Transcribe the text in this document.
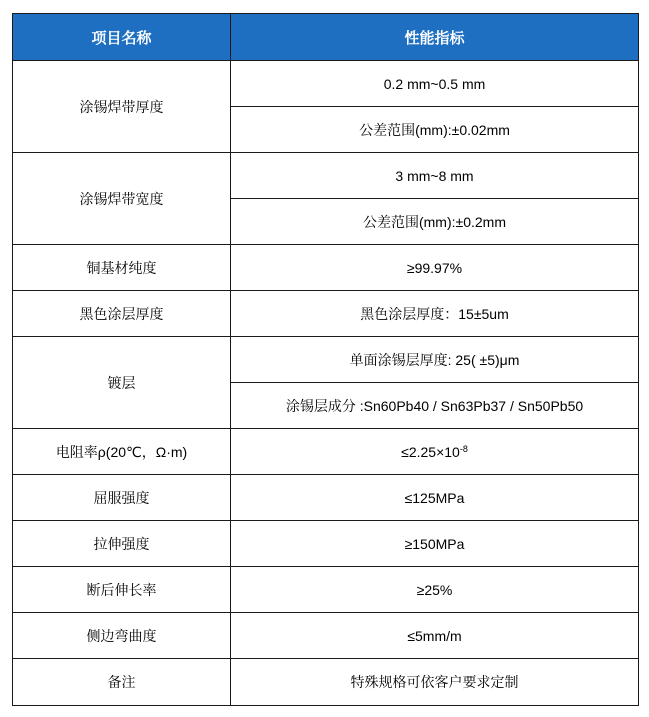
项目名称	性能指标
涂锡焊带厚度	0.2 mm~0.5 mm
	公差范围(mm):±0.02mm
涂锡焊带宽度	3 mm~8 mm
	公差范围(mm):±0.2mm
铜基材纯度	≥99.97%
黑色涂层厚度	黑色涂层厚度：15±5um
镀层	单面涂锡层厚度: 25( ±5)μm
	涂锡层成分 :Sn60Pb40 / Sn63Pb37 / Sn50Pb50
电阻率ρ(20℃，Ω·m)	$\le 2.25\times 10^{-8}$
屈服强度	≤125MPa
拉伸强度	≥150MPa
断后伸长率	≥25%
侧边弯曲度	≤5mm/m
备注	特殊规格可依客户要求定制
